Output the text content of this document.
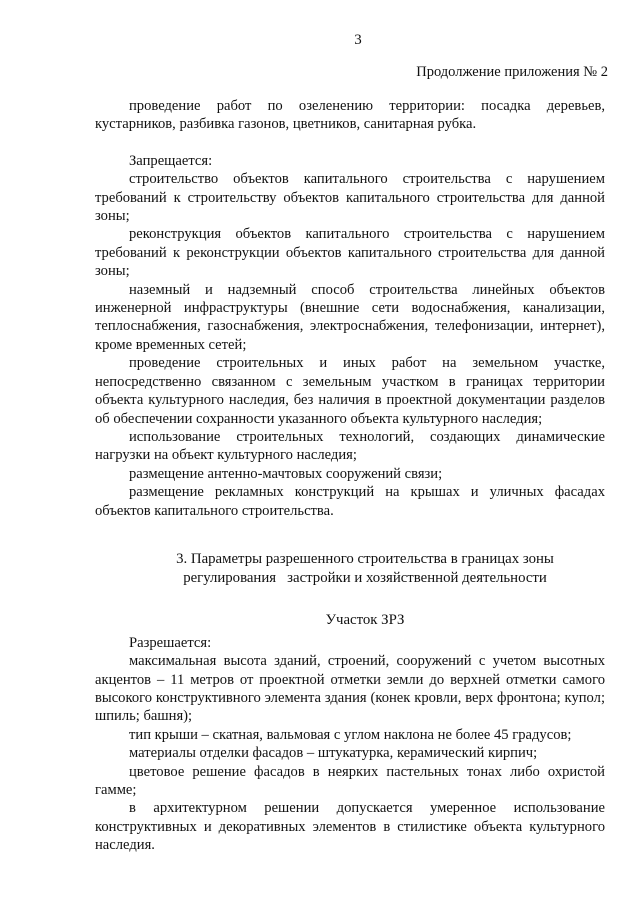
3
Продолжение приложения № 2

проведение работ по озеленению территории: посадка деревьев, кустарников, разбивка газонов, цветников, санитарная рубка.

Запрещается:

строительство объектов капитального строительства с нарушением требований к строительству объектов капитального строительства для данной зоны;

реконструкция объектов капитального строительства с нарушением требований к реконструкции объектов капитального строительства для данной зоны;

наземный и надземный способ строительства линейных объектов инженерной инфраструктуры (внешние сети водоснабжения, канализации, теплоснабжения, газоснабжения, электроснабжения, телефонизации, интернет), кроме временных сетей;

проведение строительных и иных работ на земельном участке, непосредственно связанном с земельным участком в границах территории объекта культурного наследия, без наличия в проектной документации разделов об обеспечении сохранности указанного объекта культурного наследия;

использование строительных технологий, создающих динамические нагрузки на объект культурного наследия;

размещение антенно-мачтовых сооружений связи;

размещение рекламных конструкций на крышах и уличных фасадах объектов капитального строительства.

3. Параметры разрешенного строительства в границах зоны
регулирования   застройки и хозяйственной деятельности
Участок ЗРЗ

Разрешается:

максимальная высота зданий, строений, сооружений с учетом высотных акцентов – 11 метров от проектной отметки земли до верхней отметки самого высокого конструктивного элемента здания (конек кровли, верх фронтона; купол; шпиль; башня);

тип крыши – скатная, вальмовая с углом наклона не более 45 градусов;

материалы отделки фасадов – штукатурка, керамический кирпич;

цветовое решение фасадов в неярких пастельных тонах либо охристой гамме;

в архитектурном решении допускается умеренное использование конструктивных и декоративных элементов в стилистике объекта культурного наследия.
